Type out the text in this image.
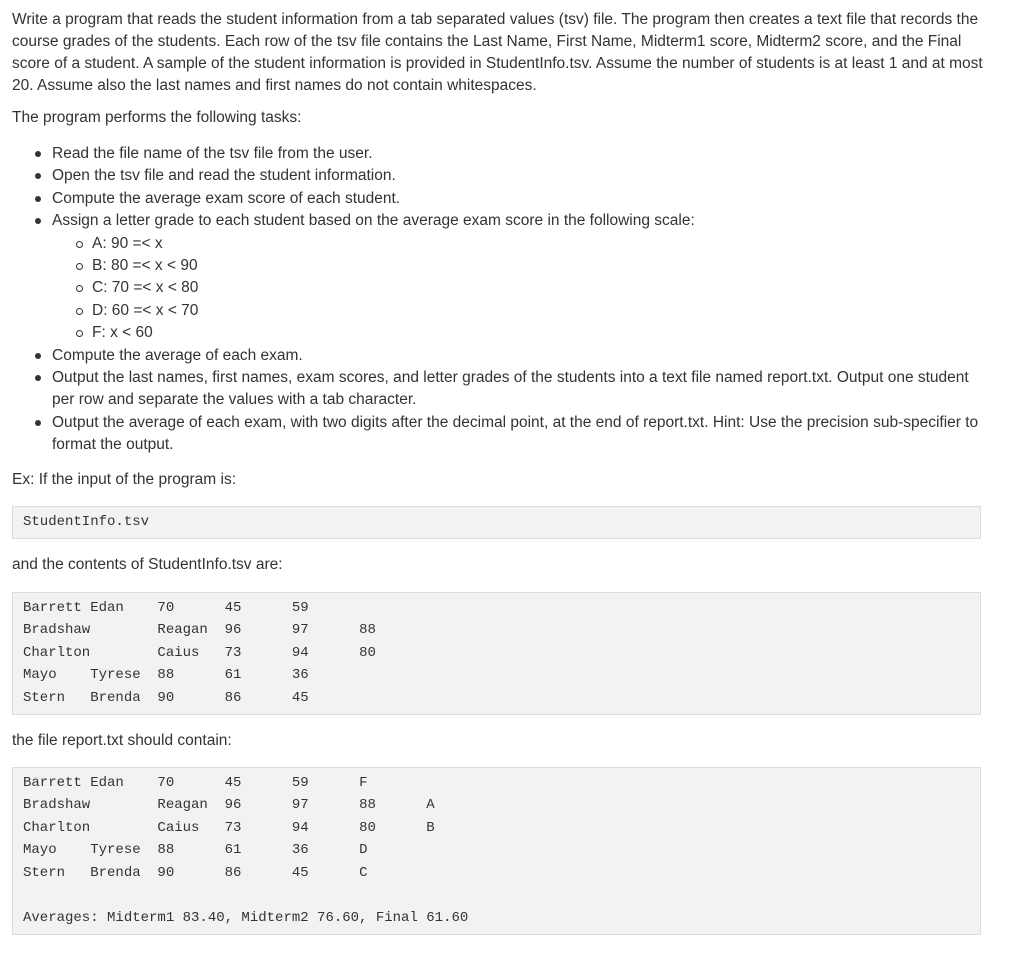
Write a program that reads the student information from a tab separated values (tsv) file. The program then creates a text file that records the course grades of the students. Each row of the tsv file contains the Last Name, First Name, Midterm1 score, Midterm2 score, and the Final score of a student. A sample of the student information is provided in StudentInfo.tsv. Assume the number of students is at least 1 and at most 20. Assume also the last names and first names do not contain whitespaces.

The program performs the following tasks:

Read the file name of the tsv file from the user.
Open the tsv file and read the student information.
Compute the average exam score of each student.
Assign a letter grade to each student based on the average exam score in the following scale:
A: 90 =< x
B: 80 =< x < 90
C: 70 =< x < 80
D: 60 =< x < 70
F: x < 60
Compute the average of each exam.
Output the last names, first names, exam scores, and letter grades of the students into a text file named report.txt. Output one student per row and separate the values with a tab character.
Output the average of each exam, with two digits after the decimal point, at the end of report.txt. Hint: Use the precision sub-specifier to format the output.

Ex: If the input of the program is:

StudentInfo.tsv

and the contents of StudentInfo.tsv are:

Barrett	Edan	70	45	59
Bradshaw	Reagan	96	97	88
Charlton	Caius	73	94	80
Mayo	Tyrese	88	61	36
Stern	Brenda	90	86	45

the file report.txt should contain:

Barrett	Edan	70	45	59	F
Bradshaw	Reagan	96	97	88	A
Charlton	Caius	73	94	80	B
Mayo	Tyrese	88	61	36	D
Stern	Brenda	90	86	45	C
Averages: Midterm1 83.40, Midterm2 76.60, Final 61.60
